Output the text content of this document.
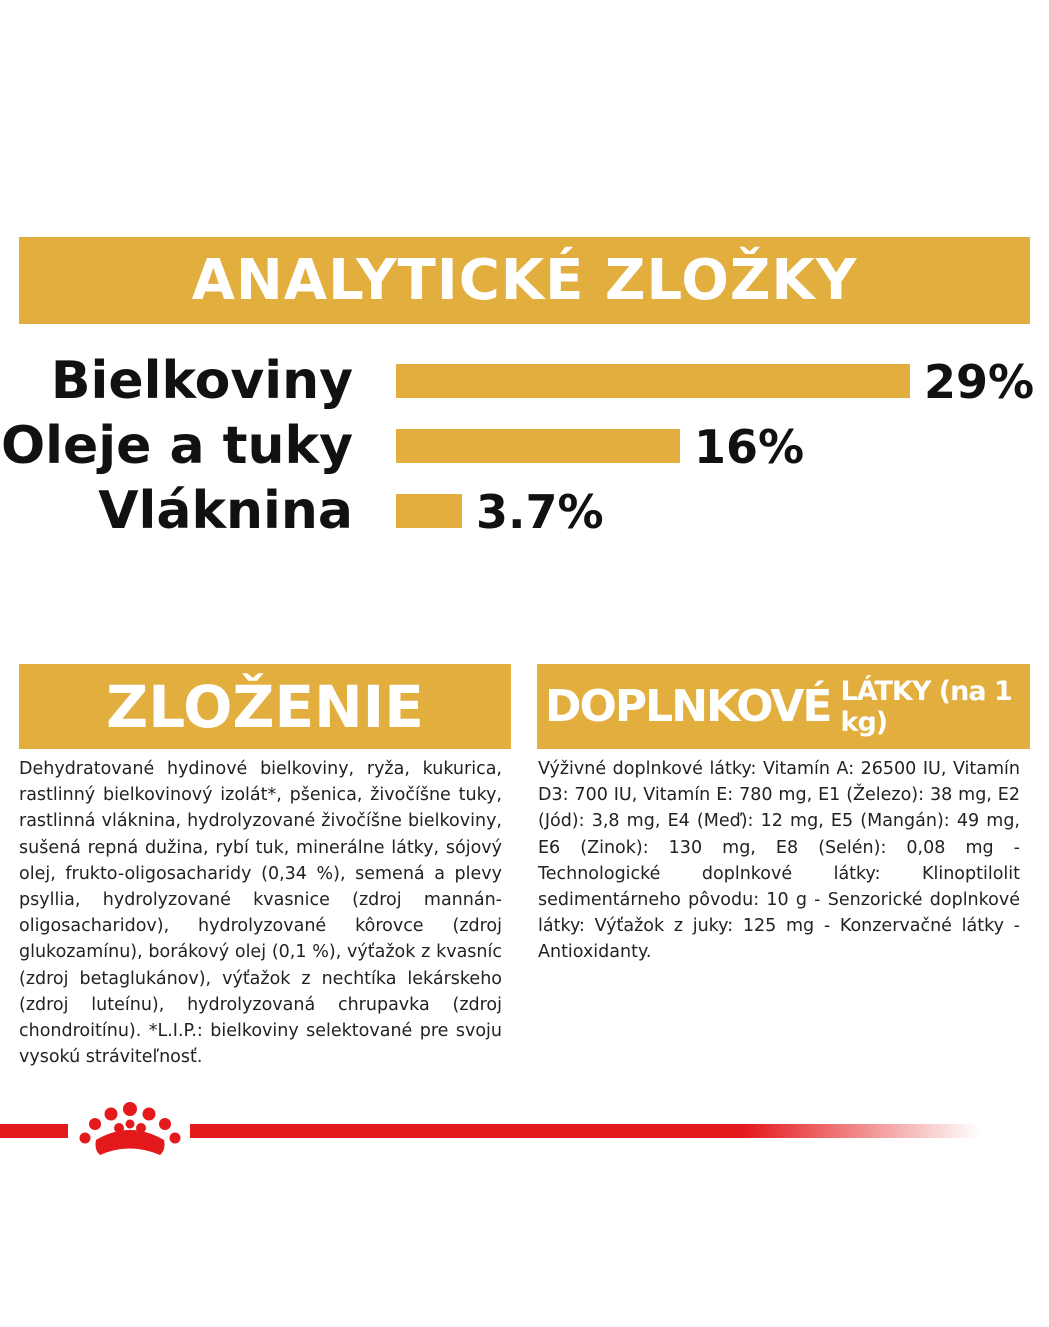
ANALYTICKÉ ZLOŽKY
Bielkoviny	29%
Oleje a tuky	16%
Vláknina	3.7%
ZLOŽENIE

Dehydratované hydinové bielkoviny, ryža, kukurica, rastlinný bielkovinový izolát*, pšenica, živočíšne tuky, rastlinná vláknina, hydrolyzované živočíšne bielkoviny, sušená repná dužina, rybí tuk, minerálne látky, sójový olej, frukto-oligosacharidy (0,34 %), semená a plevy psyllia, hydrolyzované kvasnice (zdroj mannán-oligosacharidov), hydrolyzované kôrovce (zdroj glukozamínu), borákový olej (0,1 %), výťažok z kvasníc (zdroj betaglukánov), výťažok z nechtíka lekárskeho (zdroj luteínu), hydrolyzovaná chrupavka (zdroj chondroitínu). *L.I.P.: bielkoviny selektované pre svoju vysokú stráviteľnosť.

DOPLNKOVÉ LÁTKY (na 1 kg)

Výživné doplnkové látky: Vitamín A: 26500 IU, Vitamín D3: 700 IU, Vitamín E: 780 mg, E1 (Železo): 38 mg, E2 (Jód): 3,8 mg, E4 (Meď): 12 mg, E5 (Mangán): 49 mg, E6 (Zinok): 130 mg, E8 (Selén): 0,08 mg - Technologické doplnkové látky: Klinoptilolit sedimentárneho pôvodu: 10 g - Senzorické doplnkové látky: Výťažok z juky: 125 mg - Konzervačné látky - Antioxidanty.
